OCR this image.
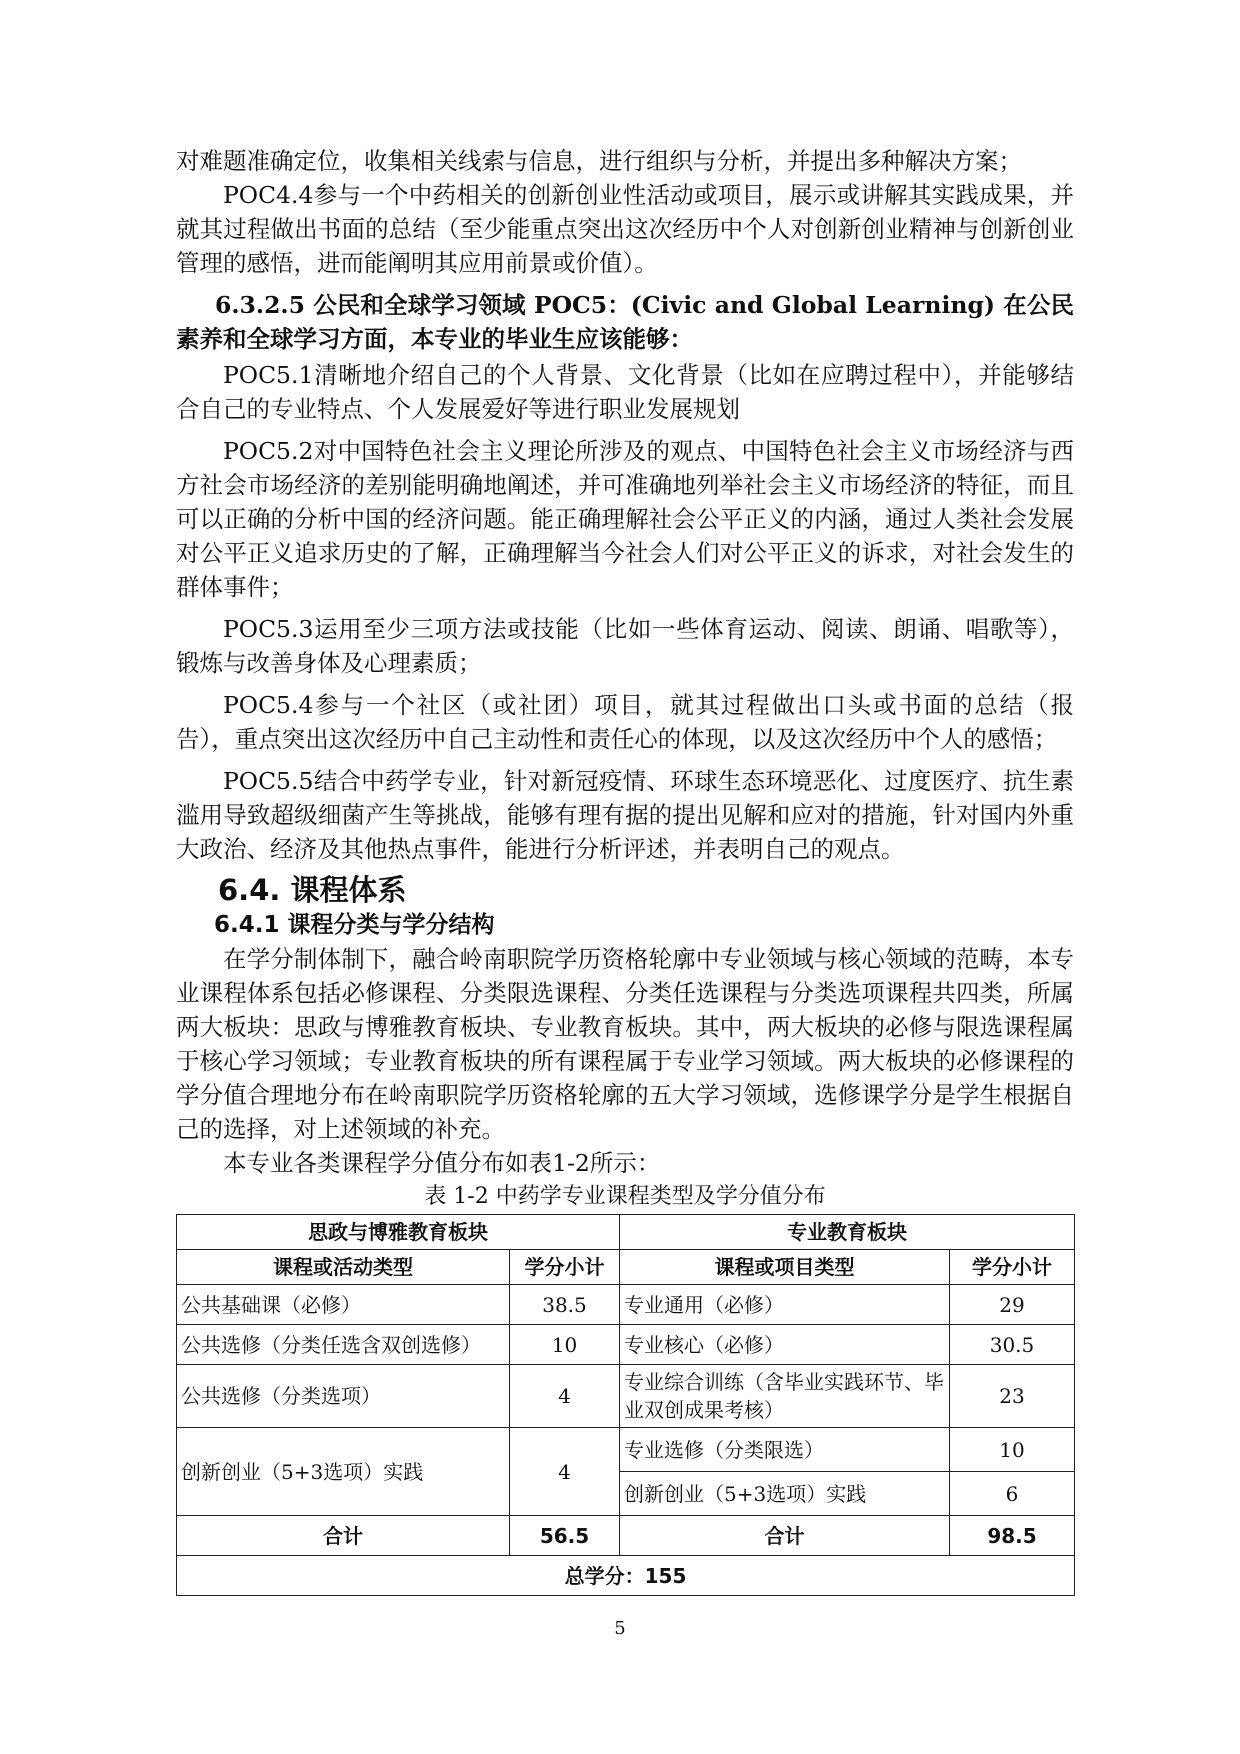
对难题准确定位，收集相关线索与信息，进行组织与分析，并提出多种解决方案；

POC4.4参与一个中药相关的创新创业性活动或项目，展示或讲解其实践成果，并就其过程做出书面的总结（至少能重点突出这次经历中个人对创新创业精神与创新创业管理的感悟，进而能阐明其应用前景或价值）。

6.3.2.5 公民和全球学习领域 POC5：(Civic and Global Learning) 在公民素养和全球学习方面，本专业的毕业生应该能够：

POC5.1清晰地介绍自己的个人背景、文化背景（比如在应聘过程中），并能够结合自己的专业特点、个人发展爱好等进行职业发展规划

POC5.2对中国特色社会主义理论所涉及的观点、中国特色社会主义市场经济与西方社会市场经济的差别能明确地阐述，并可准确地列举社会主义市场经济的特征，而且可以正确的分析中国的经济问题。能正确理解社会公平正义的内涵，通过人类社会发展对公平正义追求历史的了解，正确理解当今社会人们对公平正义的诉求，对社会发生的群体事件；

POC5.3运用至少三项方法或技能（比如一些体育运动、阅读、朗诵、唱歌等），锻炼与改善身体及心理素质；

POC5.4参与一个社区（或社团）项目，就其过程做出口头或书面的总结（报告），重点突出这次经历中自己主动性和责任心的体现，以及这次经历中个人的感悟；

POC5.5结合中药学专业，针对新冠疫情、环球生态环境恶化、过度医疗、抗生素滥用导致超级细菌产生等挑战，能够有理有据的提出见解和应对的措施，针对国内外重大政治、经济及其他热点事件，能进行分析评述，并表明自己的观点。

6.4. 课程体系
6.4.1 课程分类与学分结构

在学分制体制下，融合岭南职院学历资格轮廓中专业领域与核心领域的范畴，本专业课程体系包括必修课程、分类限选课程、分类任选课程与分类选项课程共四类，所属两大板块：思政与博雅教育板块、专业教育板块。其中，两大板块的必修与限选课程属于核心学习领域；专业教育板块的所有课程属于专业学习领域。两大板块的必修课程的学分值合理地分布在岭南职院学历资格轮廓的五大学习领域，选修课学分是学生根据自己的选择，对上述领域的补充。

本专业各类课程学分值分布如表1-2所示：

表 1-2 中药学专业课程类型及学分值分布
思政与博雅教育板块		专业教育板块	
课程或活动类型	学分小计	课程或项目类型	学分小计
公共基础课（必修）	38.5	专业通用（必修）	29
公共选修（分类任选含双创选修）	10	专业核心（必修）	30.5
公共选修（分类选项）	4	专业综合训练（含毕业实践环节、毕业双创成果考核）	23
创新创业（5+3选项）实践	4	专业选修（分类限选）	10
		创新创业（5+3选项）实践	6
合计	56.5	合计	98.5
总学分：155			
5
